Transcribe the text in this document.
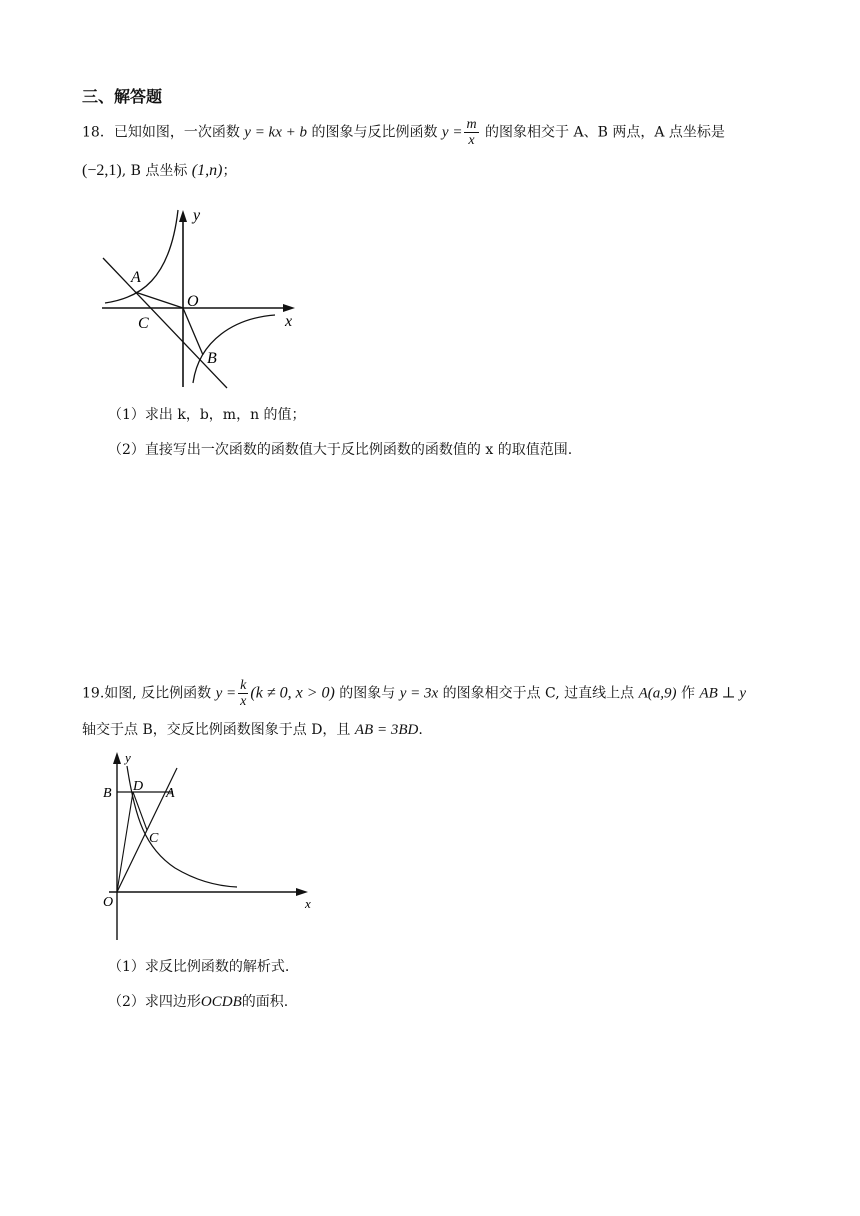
三、解答题
18．已知如图，一次函数 y = kx + b 的图象与反比例函数 $y = \frac{m}{x}$ 的图象相交于 A、B 两点，A 点坐标是
(−2,1), B 点坐标 (1,n)；
y
x
O
A
B
C
（1）求出 k，b，m，n 的值；
（2）直接写出一次函数的函数值大于反比例函数的函数值的 x 的取值范围.
19.如图, 反比例函数 $y = \frac{k}{x} (k \ne 0$, x > 0) 的图象与 y = 3x 的图象相交于点 C, 过直线上点 A(a,9) 作 AB ⊥ y
轴交于点 B，交反比例函数图象于点 D，且 AB = 3BD.
y
x
O
B D A
C
（1）求反比例函数的解析式.
（2）求四边形OCDB的面积.
